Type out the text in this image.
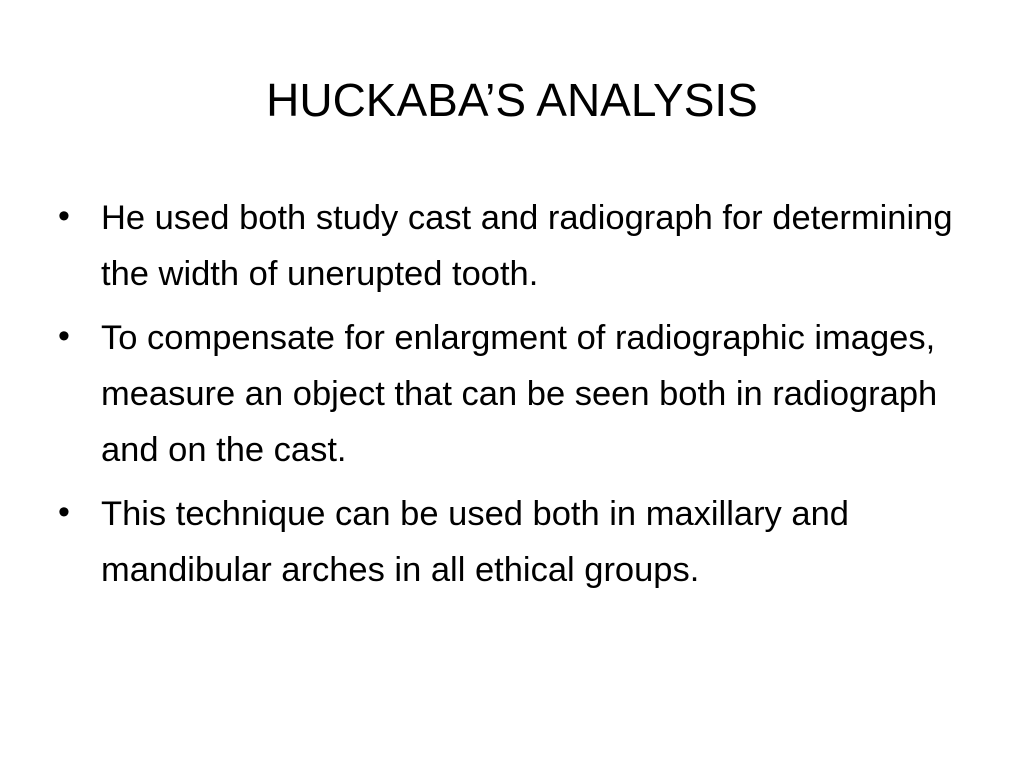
HUCKABA’S ANALYSIS
• He used both study cast and radiograph for determining the width of unerupted tooth.
• To compensate for enlargment of radiographic images, measure an object that can be seen both in radiograph and on the cast.
• This technique can be used both in maxillary and mandibular arches in all ethical groups.
